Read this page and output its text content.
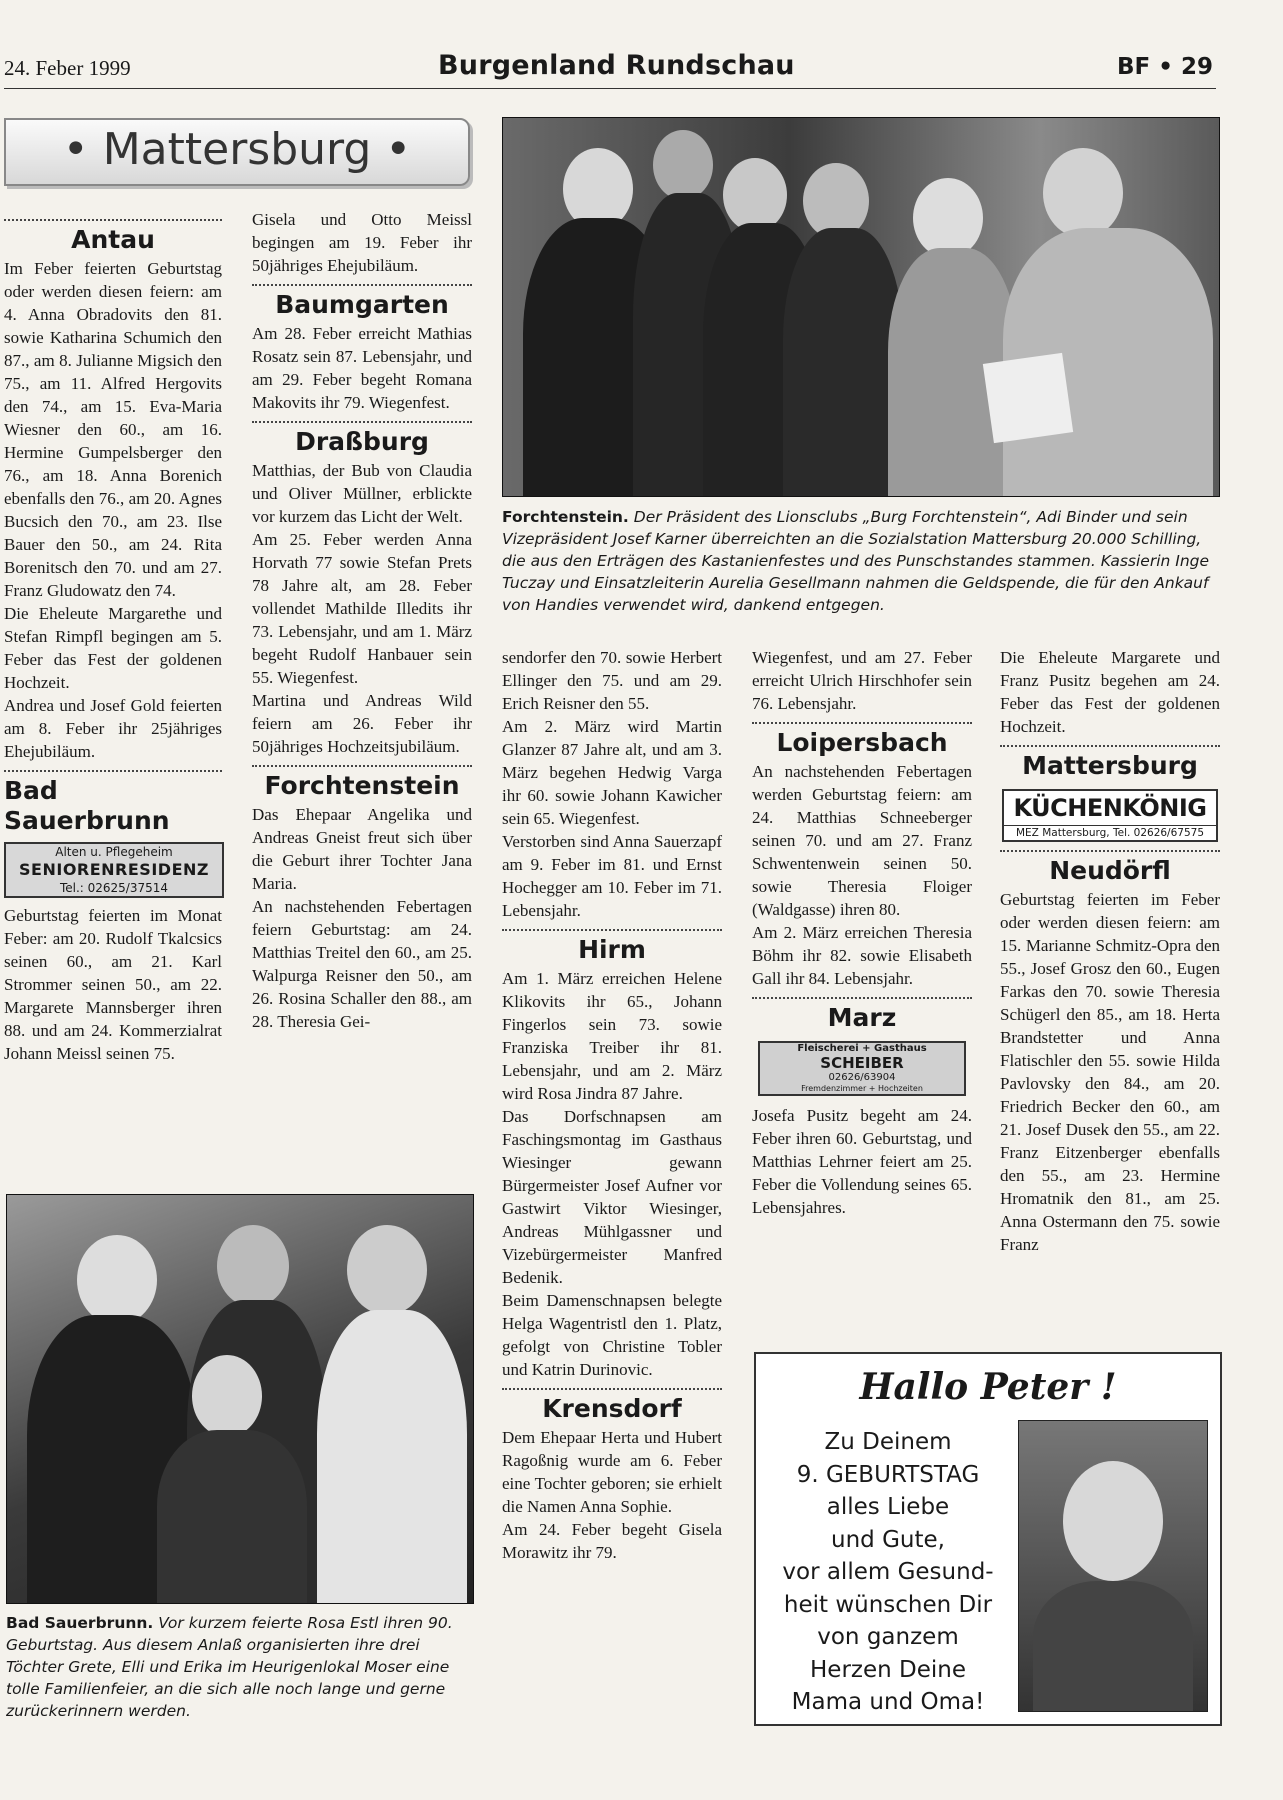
24. Feber 1999	Burgenland Rundschau	BF • 29
• Mattersburg •
Antau

Im Feber feierten Geburtstag oder werden diesen feiern: am 4. Anna Obradovits den 81. sowie Katharina Schumich den 87., am 8. Julianne Migsich den 75., am 11. Alfred Hergovits den 74., am 15. Eva-Maria Wiesner den 60., am 16. Hermine Gumpelsberger den 76., am 18. Anna Borenich ebenfalls den 76., am 20. Agnes Bucsich den 70., am 23. Ilse Bauer den 50., am 24. Rita Borenitsch den 70. und am 27. Franz Gludowatz den 74.

Die Eheleute Margarethe und Stefan Rimpfl begingen am 5. Feber das Fest der goldenen Hochzeit.

Andrea und Josef Gold feierten am 8. Feber ihr 25jähriges Ehejubiläum.

Bad Sauerbrunn
Alten u. Pflegeheim
SENIORENRESIDENZ
Tel.: 02625/37514

Geburtstag feierten im Monat Feber: am 20. Rudolf Tkalcsics seinen 60., am 21. Karl Strommer seinen 50., am 22. Margarete Mannsberger ihren 88. und am 24. Kommerzialrat Johann Meissl seinen 75.

Gisela und Otto Meissl begingen am 19. Feber ihr 50jähriges Ehejubiläum.

Baumgarten

Am 28. Feber erreicht Mathias Rosatz sein 87. Lebensjahr, und am 29. Feber begeht Romana Makovits ihr 79. Wiegenfest.

Draßburg

Matthias, der Bub von Claudia und Oliver Müllner, erblickte vor kurzem das Licht der Welt.

Am 25. Feber werden Anna Horvath 77 sowie Stefan Prets 78 Jahre alt, am 28. Feber vollendet Mathilde Illedits ihr 73. Lebensjahr, und am 1. März begeht Rudolf Hanbauer sein 55. Wiegenfest.

Martina und Andreas Wild feiern am 26. Feber ihr 50jähriges Hochzeitsjubiläum.

Forchtenstein

Das Ehepaar Angelika und Andreas Gneist freut sich über die Geburt ihrer Tochter Jana Maria.

An nachstehenden Febertagen feiern Geburtstag: am 24. Matthias Treitel den 60., am 25. Walpurga Reisner den 50., am 26. Rosina Schaller den 88., am 28. Theresia Gei-

Bad Sauerbrunn. Vor kurzem feierte Rosa Estl ihren 90. Geburtstag. Aus diesem Anlaß organisierten ihre drei Töchter Grete, Elli und Erika im Heurigenlokal Moser eine tolle Familienfeier, an die sich alle noch lange und gerne zurückerinnern werden.
Forchtenstein. Der Präsident des Lionsclubs „Burg Forchtenstein“, Adi Binder und sein Vizepräsident Josef Karner überreichten an die Sozialstation Mattersburg 20.000 Schilling, die aus den Erträgen des Kastanienfestes und des Punschstandes stammen. Kassierin Inge Tuczay und Einsatzleiterin Aurelia Gesellmann nahmen die Geldspende, die für den Ankauf von Handies verwendet wird, dankend entgegen.

sendorfer den 70. sowie Herbert Ellinger den 75. und am 29. Erich Reisner den 55.

Am 2. März wird Martin Glanzer 87 Jahre alt, und am 3. März begehen Hedwig Varga ihr 60. sowie Johann Kawicher sein 65. Wiegenfest.

Verstorben sind Anna Sauerzapf am 9. Feber im 81. und Ernst Hochegger am 10. Feber im 71. Lebensjahr.

Hirm

Am 1. März erreichen Helene Klikovits ihr 65., Johann Fingerlos sein 73. sowie Franziska Treiber ihr 81. Lebensjahr, und am 2. März wird Rosa Jindra 87 Jahre.

Das Dorfschnapsen am Faschingsmontag im Gasthaus Wiesinger gewann Bürgermeister Josef Aufner vor Gastwirt Viktor Wiesinger, Andreas Mühlgassner und Vizebürgermeister Manfred Bedenik.

Beim Damenschnapsen belegte Helga Wagentristl den 1. Platz, gefolgt von Christine Tobler und Katrin Durinovic.

Krensdorf

Dem Ehepaar Herta und Hubert Ragoßnig wurde am 6. Feber eine Tochter geboren; sie erhielt die Namen Anna Sophie.

Am 24. Feber begeht Gisela Morawitz ihr 79.

Wiegenfest, und am 27. Feber erreicht Ulrich Hirschhofer sein 76. Lebensjahr.

Loipersbach

An nachstehenden Febertagen werden Geburtstag feiern: am 24. Matthias Schneeberger seinen 70. und am 27. Franz Schwentenwein seinen 50. sowie Theresia Floiger (Waldgasse) ihren 80.

Am 2. März erreichen Theresia Böhm ihr 82. sowie Elisabeth Gall ihr 84. Lebensjahr.

Marz
Fleischerei + Gasthaus
SCHEIBER
02626/63904
Fremdenzimmer + Hochzeiten

Josefa Pusitz begeht am 24. Feber ihren 60. Geburtstag, und Matthias Lehrner feiert am 25. Feber die Vollendung seines 65. Lebensjahres.

Die Eheleute Margarete und Franz Pusitz begehen am 24. Feber das Fest der goldenen Hochzeit.

Mattersburg
KÜCHENKÖNIG
MEZ Mattersburg, Tel. 02626/67575
Neudörfl

Geburtstag feierten im Feber oder werden diesen feiern: am 15. Marianne Schmitz-Opra den 55., Josef Grosz den 60., Eugen Farkas den 70. sowie Theresia Schügerl den 85., am 18. Herta Brandstetter und Anna Flatischler den 55. sowie Hilda Pavlovsky den 84., am 20. Friedrich Becker den 60., am 21. Josef Dusek den 55., am 22. Franz Eitzenberger ebenfalls den 55., am 23. Hermine Hromatnik den 81., am 25. Anna Ostermann den 75. sowie Franz

Hallo Peter !
Zu Deinem
9. GEBURTSTAG
alles Liebe
und Gute,
vor allem Gesund-
heit wünschen Dir
von ganzem
Herzen Deine
Mama und Oma!
